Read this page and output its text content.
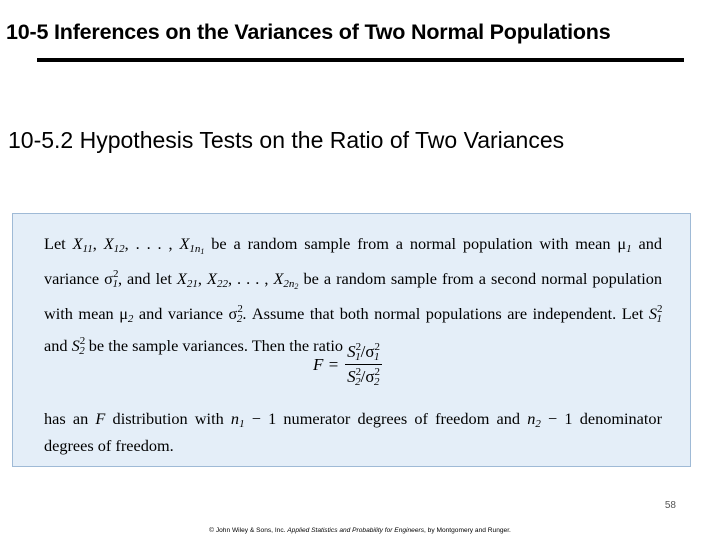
10-5 Inferences on the Variances of Two Normal Populations
10-5.2 Hypothesis Tests on the Ratio of Two Variances

Let $X_{11}$, $X_{12}$, . . . , $X_{1n1}$ be a random sample from a normal population with mean $\mu_1$ and variance $\sigma^2_1$, and let $X_{21}$, $X_{22}$, . . . , $X_{2n2}$ be a random sample from a second normal population with mean $\mu_2$ and variance $\sigma^2_2$. Assume that both normal populations are independent. Let $S^2_1$ and $S^2_2$ be the sample variances. Then the ratio

$F = \frac{S^2_1/\sigma^2_1}{S^2_2/\sigma^2_2}$
has an F distribution with $n_1 - 1$ numerator degrees of freedom and $n_2 - 1$ denominator degrees of freedom.
58
© John Wiley & Sons, Inc. Applied Statistics and Probability for Engineers, by Montgomery and Runger.
